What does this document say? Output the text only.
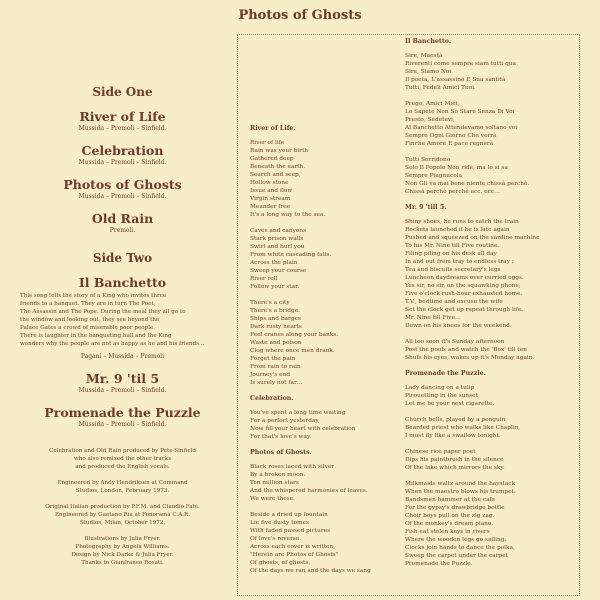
Photos of Ghosts
Side One
River of Life
Mussida – Premoli – Sinfield.
Celebration
Mussida – Premoli – Sinfield.
Photos of Ghosts
Mussida – Premoli – Sinfield.
Old Rain
Premoli.
Side Two
Il Banchetto
This song tells the story of a King who invites three
friends to a banquet. They are in turn The Poet,
The Assassin and The Pope. During the meal they all go to
the window and looking out, they see beyond the
Palace Gates a crowd of miserable poor people.
There is laughter in the banqueting hall and the King
wonders why the people are not as happy as he and his friends…
Pagani – Mussida – Premoli
Mr. 9 'til 5
Mussida – Premoli – Sinfield.
Promenade the Puzzle
Mussida – Premoli – Sinfield.

Celebration and Old Rain produced by Pete Sinfield
who also remixed the other tracks
and produced the English vocals.

Engineered by Andy Hendriksen at Command
Studios, London, February 1973.

Original Italian production by P.F.M. and Claudio Fabi.
Engineered by Gaetano Ria at Fonorama C.A.R.
Studios, Milan, October 1972.

Illustrations by Julia Fryer.
Photography by Angela Williams.
Design by Nick Darke & Julia Fryer.
Thanks to Gianfranco Rosati.

River of Life.
River of life
Rain was your birth
Gathered deep
Beneath the earth.
Search and seep,
Hollow stone
Issue and flow
Virgin stream
Meander free
It's a long way to the sea.
Caves and canyons
Stark prison walls
Swirl and hurl you
From white cascading falls.
Across the plain
Sweep your course
River roll
Follow your star.
There's a city
There's a bridge.
Ships and barges
Dark rusty hearts
Feel cranes along your banks.
Waste and poison
Clog where once men drank.
Forget the pain
From rain to rain
Journey's end
Is surely not far…
Celebration.
You've spent a long time waiting
For a perfect yesterday,
Now fill your heart with celebration
For that's love's way.
Photos of Ghosts.
Black roses laced with silver
By a broken moon.
Ten million stars
And the whispered harmonies of leaves.
We were these.
Beside a dried up fountain
Lie five dusty tomes
With faded passed pictures
Of love's reverse.
Across each cover is written,
"Herein are Photos of Ghosts"
Of ghosts, of ghosts,
Of the days we ran and the days we sang
Il Banchetto.
Sire, Maestà
Riverenti come sempre siam tutti qua
Sire, Siamo Noi
Il poeta, L'assassino E Sua santità
Tutti, Fedeli Amici Tuoi.
Prego, Amici Miei,
Lo Sapete Non So Stare Senza Di Voi
Presto, Sedetevi,
Al Banchetto Attendevamo soltano voi
Sempre Ogni Giorno Che verrà
Finche Amore E pace regnerà.
Tutti Sorridono
Solo Il Popolo Non ride, ma lo si sa
Sempre Piagnucola
Non Gli va mai bene niente chissà perchè.
Chissà perchè perchè ecc. ecc…
Mr. 9 'till 5.
Shiny shoes, he runs to catch the train
Rockets launched if he is late again
Pushed and squeezed on the sardine machine
To his Mr. Nine till Five routine.
Filing piling on his desk all day
In and out from tray to endless tray ;
Tea and biscuits secretary's legs
Luncheon daydreams over curried eggs.
Yes sir, no sir, on the squawking phone,
Five o'clock rush-hour exhausted home.
T.V., bedtime and excuse the wife
Set the clock get up repeat through life.
Mr. Nine till Five…
Down on his knees for the weekend.
All too soon it's Sunday afternoon
Post the pools and watch the 'Box' till ten
Shuts his eyes, wakes up it's Monday again.
Promenade the Puzzle.
Lady dancing on a tulip
Pirouetting in the sunset
Let me be your next cigarette.
Church bells, played by a penguin
Bearded priest who walks like Chaplin,
I must fly like a swallow tonight.
Chinese rice paper poet
Dips his paintbrush in the silence
Of the lake which mirrors the sky.
Milkmaids waltz around the haystack
When the maestro blows his trumpet.
Bandsmen hammer at the cafe
For the gypsy's drawbridge bottle
Choir boys pull on the zig zag.
Of the monkey's dream piano.
Fish eat stolen keys in rivers
Where the wooden legs go sailing.
Clocks join hands to dance the polka,
Sweep the carpet under the carpet
Promenade the Puzzle.
